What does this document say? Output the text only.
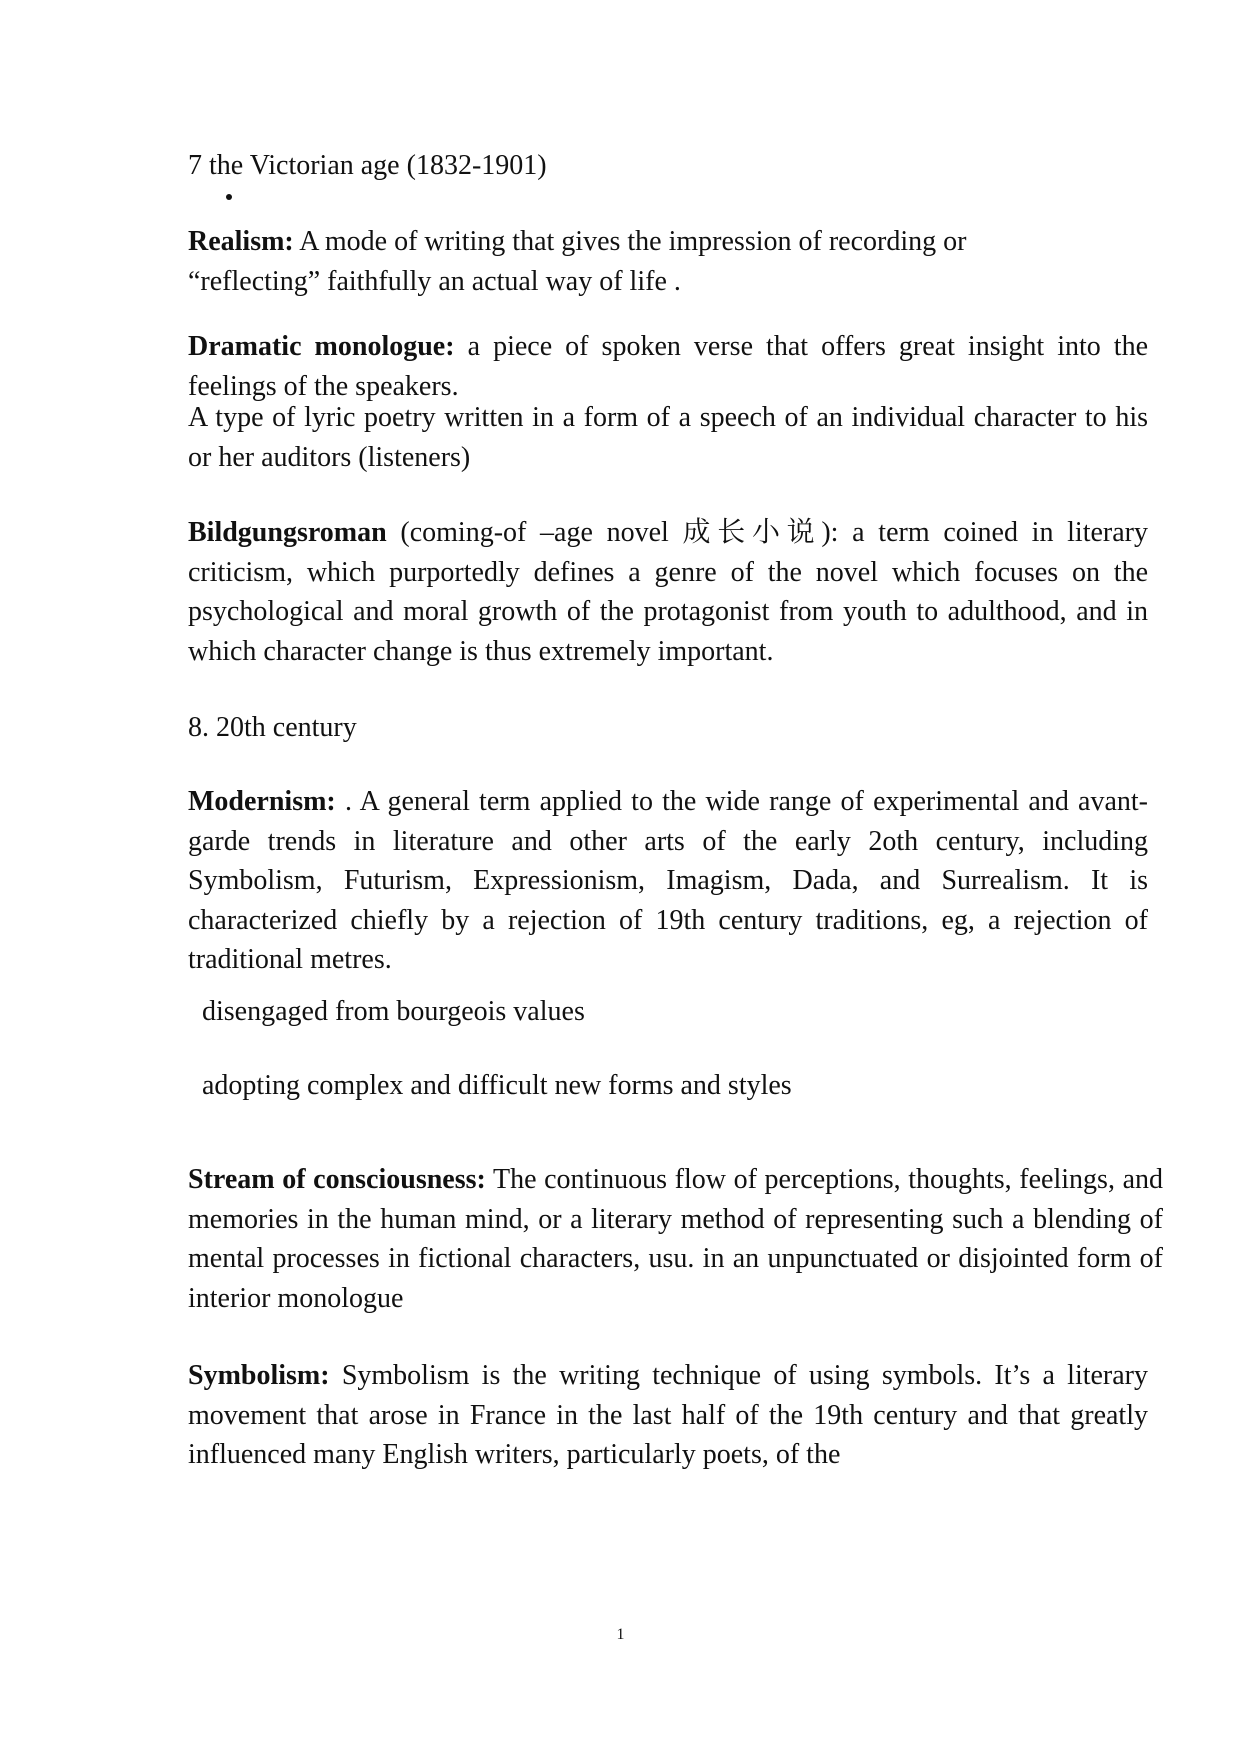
7 the Victorian age (1832-1901)
Realism: A mode of writing that gives the impression of recording or
“reflecting” faithfully an actual way of life .
Dramatic monologue: a piece of spoken verse that offers great insight into the feelings of the speakers.
A type of lyric poetry written in a form of a speech of an individual character to his or her auditors (listeners)
Bildgungsroman (coming-of –age novel 成长小说): a term coined in literary criticism, which purportedly defines a genre of the novel which focuses on the psychological and moral growth of the protagonist from youth to adulthood, and in which character change is thus extremely important.
8. 20th century
Modernism: . A general term applied to the wide range of experimental and avant-garde trends in literature and other arts of the early 2oth century, including Symbolism, Futurism, Expressionism, Imagism, Dada, and Surrealism. It is characterized chiefly by a rejection of 19th century traditions, eg, a rejection of traditional metres.
disengaged from bourgeois values
adopting complex and difficult new forms and styles
Stream of consciousness: The continuous flow of perceptions, thoughts, feelings, and memories in the human mind, or a literary method of representing such a blending of mental processes in fictional characters, usu. in an unpunctuated or disjointed form of interior monologue
Symbolism: Symbolism is the writing technique of using symbols. It’s a literary movement that arose in France in the last half of the 19th century and that greatly influenced many English writers, particularly poets, of the
1
